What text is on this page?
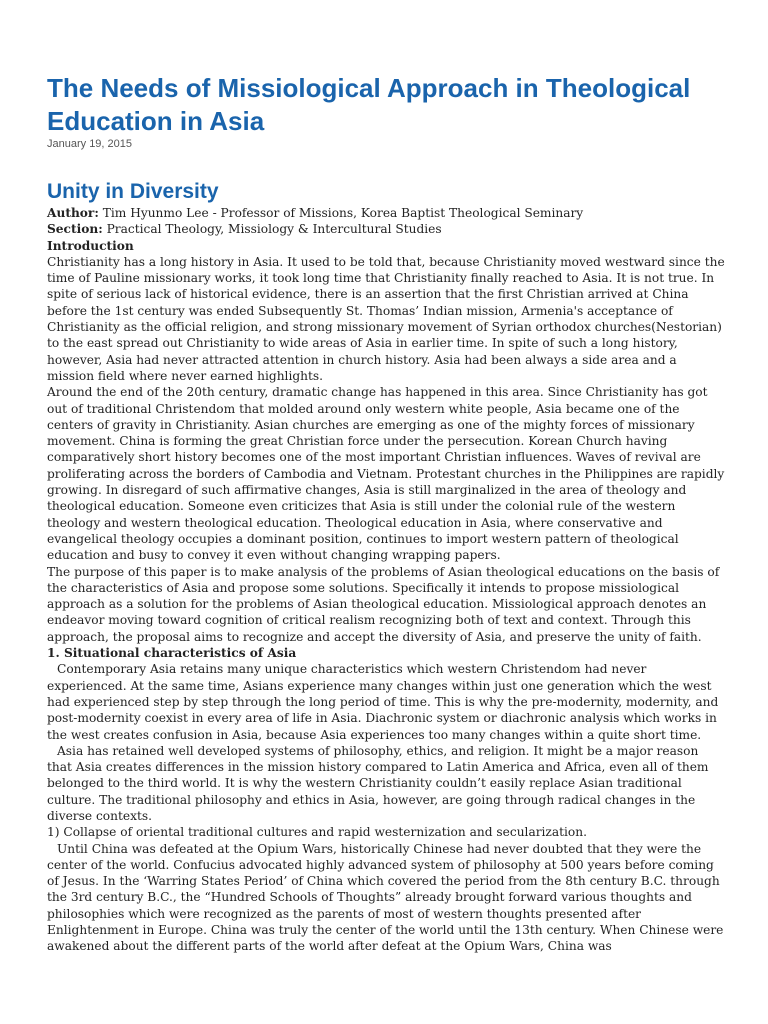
The Needs of Missiological Approach in Theological Education in Asia
January 19, 2015
Unity in Diversity

Author: Tim Hyunmo Lee - Professor of Missions, Korea Baptist Theological Seminary

Section: Practical Theology, Missiology & Intercultural Studies

Introduction

Christianity has a long history in Asia. It used to be told that, because Christianity moved westward since the time of Pauline missionary works, it took long time that Christianity finally reached to Asia. It is not true. In spite of serious lack of historical evidence, there is an assertion that the first Christian arrived at China before the 1st century was ended Subsequently St. Thomas’ Indian mission, Armenia's acceptance of Christianity as the official religion, and strong missionary movement of Syrian orthodox churches(Nestorian) to the east spread out Christianity to wide areas of Asia in earlier time. In spite of such a long history, however, Asia had never attracted attention in church history. Asia had been always a side area and a mission field where never earned highlights.

Around the end of the 20th century, dramatic change has happened in this area. Since Christianity has got out of traditional Christendom that molded around only western white people, Asia became one of the centers of gravity in Christianity. Asian churches are emerging as one of the mighty forces of missionary movement. China is forming the great Christian force under the persecution. Korean Church having comparatively short history becomes one of the most important Christian influences. Waves of revival are proliferating across the borders of Cambodia and Vietnam. Protestant churches in the Philippines are rapidly growing. In disregard of such affirmative changes, Asia is still marginalized in the area of theology and theological education. Someone even criticizes that Asia is still under the colonial rule of the western theology and western theological education. Theological education in Asia, where conservative and evangelical theology occupies a dominant position, continues to import western pattern of theological education and busy to convey it even without changing wrapping papers.

The purpose of this paper is to make analysis of the problems of Asian theological educations on the basis of the characteristics of Asia and propose some solutions. Specifically it intends to propose missiological approach as a solution for the problems of Asian theological education. Missiological approach denotes an endeavor moving toward cognition of critical realism recognizing both of text and context. Through this approach, the proposal aims to recognize and accept the diversity of Asia, and preserve the unity of faith.

1. Situational characteristics of Asia

Contemporary Asia retains many unique characteristics which western Christendom had never experienced. At the same time, Asians experience many changes within just one generation which the west had experienced step by step through the long period of time. This is why the pre-modernity, modernity, and post-modernity coexist in every area of life in Asia. Diachronic system or diachronic analysis which works in the west creates confusion in Asia, because Asia experiences too many changes within a quite short time.

Asia has retained well developed systems of philosophy, ethics, and religion. It might be a major reason that Asia creates differences in the mission history compared to Latin America and Africa, even all of them belonged to the third world. It is why the western Christianity couldn’t easily replace Asian traditional culture. The traditional philosophy and ethics in Asia, however, are going through radical changes in the diverse contexts.

1) Collapse of oriental traditional cultures and rapid westernization and secularization.

Until China was defeated at the Opium Wars, historically Chinese had never doubted that they were the center of the world. Confucius advocated highly advanced system of philosophy at 500 years before coming of Jesus. In the ‘Warring States Period’ of China which covered the period from the 8th century B.C. through the 3rd century B.C., the “Hundred Schools of Thoughts” already brought forward various thoughts and philosophies which were recognized as the parents of most of western thoughts presented after Enlightenment in Europe. China was truly the center of the world until the 13th century. When Chinese were awakened about the different parts of the world after defeat at the Opium Wars, China was
